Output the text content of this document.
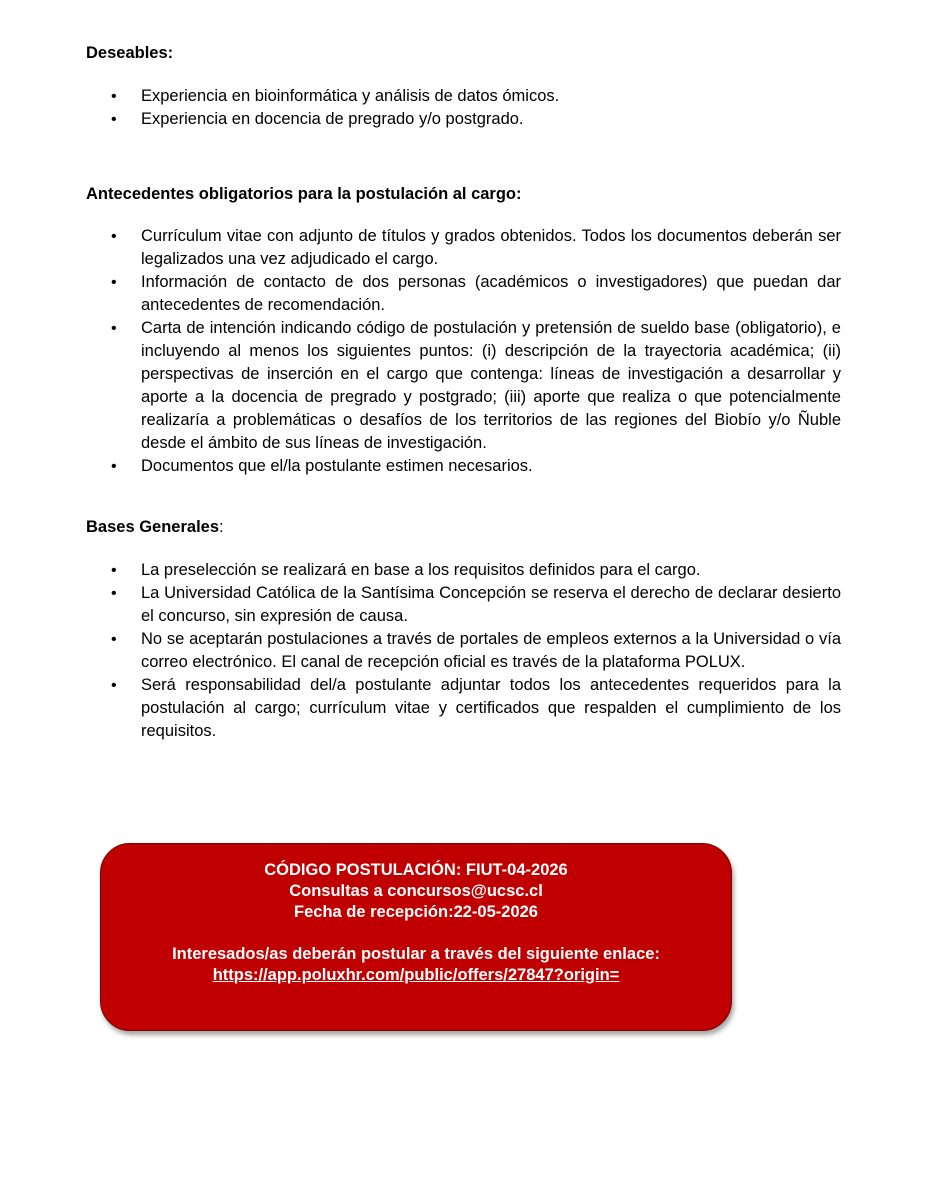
Deseables:
• Experiencia en bioinformática y análisis de datos ómicos.
• Experiencia en docencia de pregrado y/o postgrado.
Antecedentes obligatorios para la postulación al cargo:
• Currículum vitae con adjunto de títulos y grados obtenidos. Todos los documentos deberán ser legalizados una vez adjudicado el cargo.
• Información de contacto de dos personas (académicos o investigadores) que puedan dar antecedentes de recomendación.
• Carta de intención indicando código de postulación y pretensión de sueldo base (obligatorio), e incluyendo al menos los siguientes puntos: (i) descripción de la trayectoria académica; (ii) perspectivas de inserción en el cargo que contenga: líneas de investigación a desarrollar y aporte a la docencia de pregrado y postgrado; (iii) aporte que realiza o que potencialmente realizaría a problemáticas o desafíos de los territorios de las regiones del Biobío y/o Ñuble desde el ámbito de sus líneas de investigación.
• Documentos que el/la postulante estimen necesarios.
Bases Generales:
• La preselección se realizará en base a los requisitos definidos para el cargo.
• La Universidad Católica de la Santísima Concepción se reserva el derecho de declarar desierto el concurso, sin expresión de causa.
• No se aceptarán postulaciones a través de portales de empleos externos a la Universidad o vía correo electrónico. El canal de recepción oficial es través de la plataforma POLUX.
• Será responsabilidad del/a postulante adjuntar todos los antecedentes requeridos para la postulación al cargo; currículum vitae y certificados que respalden el cumplimiento de los requisitos.
CÓDIGO POSTULACIÓN: FIUT-04-2026
Consultas a concursos@ucsc.cl
Fecha de recepción:22-05-2026
Interesados/as deberán postular a través del siguiente enlace:
https://app.poluxhr.com/public/offers/27847?origin=
